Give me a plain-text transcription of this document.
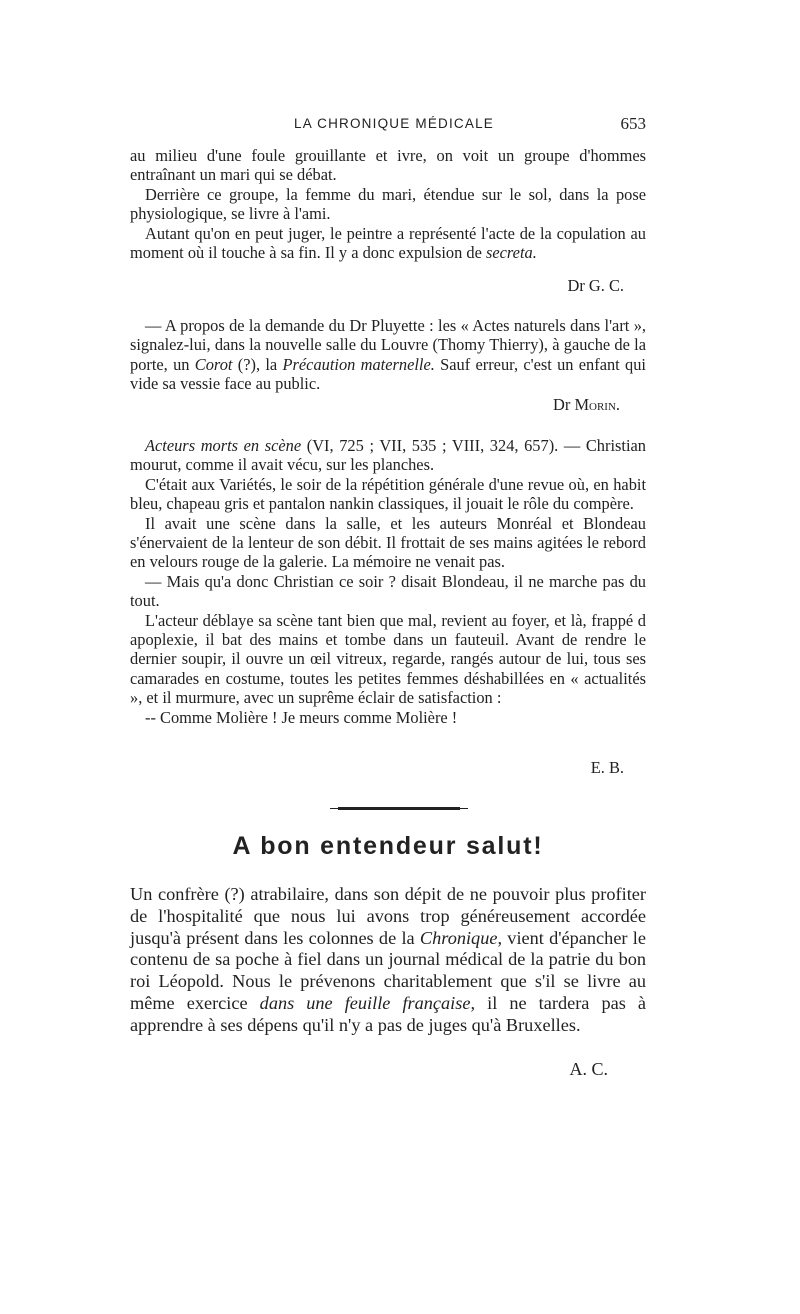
LA CHRONIQUE MÉDICALE	653

au milieu d'une foule grouillante et ivre, on voit un groupe d'hommes entraînant un mari qui se débat.

Derrière ce groupe, la femme du mari, étendue sur le sol, dans la pose physiologique, se livre à l'ami.

Autant qu'on en peut juger, le peintre a représenté l'acte de la copulation au moment où il touche à sa fin. Il y a donc expulsion de secreta.

Dr G. C.

— A propos de la demande du Dr Pluyette : les « Actes naturels dans l'art », signalez-lui, dans la nouvelle salle du Louvre (Thomy Thierry), à gauche de la porte, un Corot (?), la Précaution maternelle. Sauf erreur, c'est un enfant qui vide sa vessie face au public.

Dr Morin.

Acteurs morts en scène (VI, 725 ; VII, 535 ; VIII, 324, 657). — Christian mourut, comme il avait vécu, sur les planches.

C'était aux Variétés, le soir de la répétition générale d'une revue où, en habit bleu, chapeau gris et pantalon nankin classiques, il jouait le rôle du compère.

Il avait une scène dans la salle, et les auteurs Monréal et Blondeau s'énervaient de la lenteur de son débit. Il frottait de ses mains agitées le rebord en velours rouge de la galerie. La mémoire ne venait pas.

— Mais qu'a donc Christian ce soir ? disait Blondeau, il ne marche pas du tout.

L'acteur déblaye sa scène tant bien que mal, revient au foyer, et là, frappé d apoplexie, il bat des mains et tombe dans un fauteuil. Avant de rendre le dernier soupir, il ouvre un œil vitreux, regarde, rangés autour de lui, tous ses camarades en costume, toutes les petites femmes déshabillées en « actualités », et il murmure, avec un suprême éclair de satisfaction :

-- Comme Molière ! Je meurs comme Molière !

E. B.

A bon entendeur salut!

Un confrère (?) atrabilaire, dans son dépit de ne pouvoir plus profiter de l'hospitalité que nous lui avons trop généreusement accordée jusqu'à présent dans les colonnes de la Chronique, vient d'épancher le contenu de sa poche à fiel dans un journal médical de la patrie du bon roi Léopold. Nous le prévenons charitablement que s'il se livre au même exercice dans une feuille française, il ne tardera pas à apprendre à ses dépens qu'il n'y a pas de juges qu'à Bruxelles.

A. C.
